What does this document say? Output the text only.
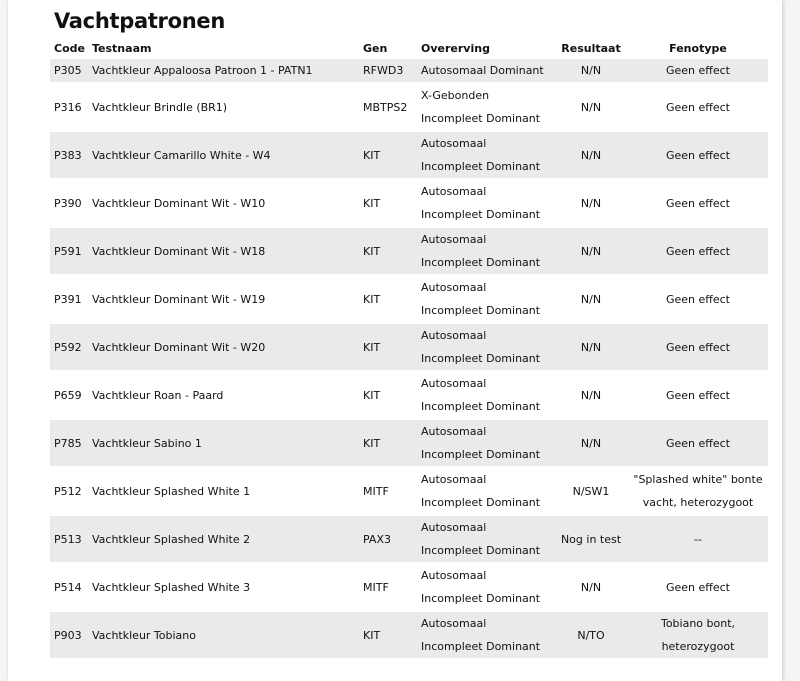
Vachtpatronen
Code	Testnaam	Gen	Overerving	Resultaat	Fenotype
P305	Vachtkleur Appaloosa Patroon 1 - PATN1	RFWD3	Autosomaal Dominant	N/N	Geen effect
P316	Vachtkleur Brindle (BR1)	MBTPS2	X-Gebonden Incompleet Dominant	N/N	Geen effect
P383	Vachtkleur Camarillo White - W4	KIT	Autosomaal Incompleet Dominant	N/N	Geen effect
P390	Vachtkleur Dominant Wit - W10	KIT	Autosomaal Incompleet Dominant	N/N	Geen effect
P591	Vachtkleur Dominant Wit - W18	KIT	Autosomaal Incompleet Dominant	N/N	Geen effect
P391	Vachtkleur Dominant Wit - W19	KIT	Autosomaal Incompleet Dominant	N/N	Geen effect
P592	Vachtkleur Dominant Wit - W20	KIT	Autosomaal Incompleet Dominant	N/N	Geen effect
P659	Vachtkleur Roan - Paard	KIT	Autosomaal Incompleet Dominant	N/N	Geen effect
P785	Vachtkleur Sabino 1	KIT	Autosomaal Incompleet Dominant	N/N	Geen effect
P512	Vachtkleur Splashed White 1	MITF	Autosomaal Incompleet Dominant	N/SW1	"Splashed white" bonte vacht, heterozygoot
P513	Vachtkleur Splashed White 2	PAX3	Autosomaal Incompleet Dominant	Nog in test	--
P514	Vachtkleur Splashed White 3	MITF	Autosomaal Incompleet Dominant	N/N	Geen effect
P903	Vachtkleur Tobiano	KIT	Autosomaal Incompleet Dominant	N/TO	Tobiano bont, heterozygoot
